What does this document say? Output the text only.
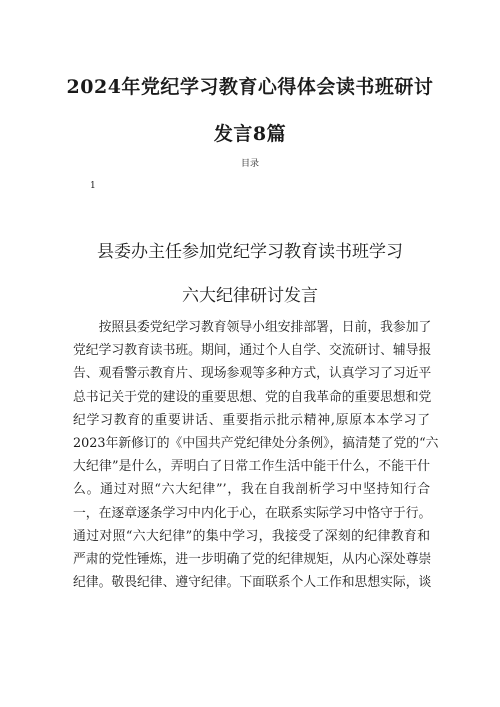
2024年党纪学习教育心得体会读书班研讨
发言8篇
目录
1
县委办主任参加党纪学习教育读书班学习
六大纪律研讨发言
　　按照县委党纪学习教育领导小组安排部署，日前，我参加了
党纪学习教育读书班。期间，通过个人自学、交流研讨、辅导报
告、观看警示教育片、现场参观等多种方式，认真学习了习近平
总书记关于党的建设的重要思想、党的自我革命的重要思想和党
纪学习教育的重要讲话、重要指示批示精神,原原本本学习了
2023年新修订的《中国共产党纪律处分条例》，搞清楚了党的“六
大纪律”是什么，弄明白了日常工作生活中能干什么，不能干什
么。通过对照“六大纪律”’，我在自我剖析学习中坚持知行合
一，在逐章逐条学习中内化于心，在联系实际学习中恪守于行。
通过对照“六大纪律”的集中学习，我接受了深刻的纪律教育和
严肃的党性锤炼，进一步明确了党的纪律规矩，从内心深处尊崇
纪律。敬畏纪律、遵守纪律。下面联系个人工作和思想实际，谈
